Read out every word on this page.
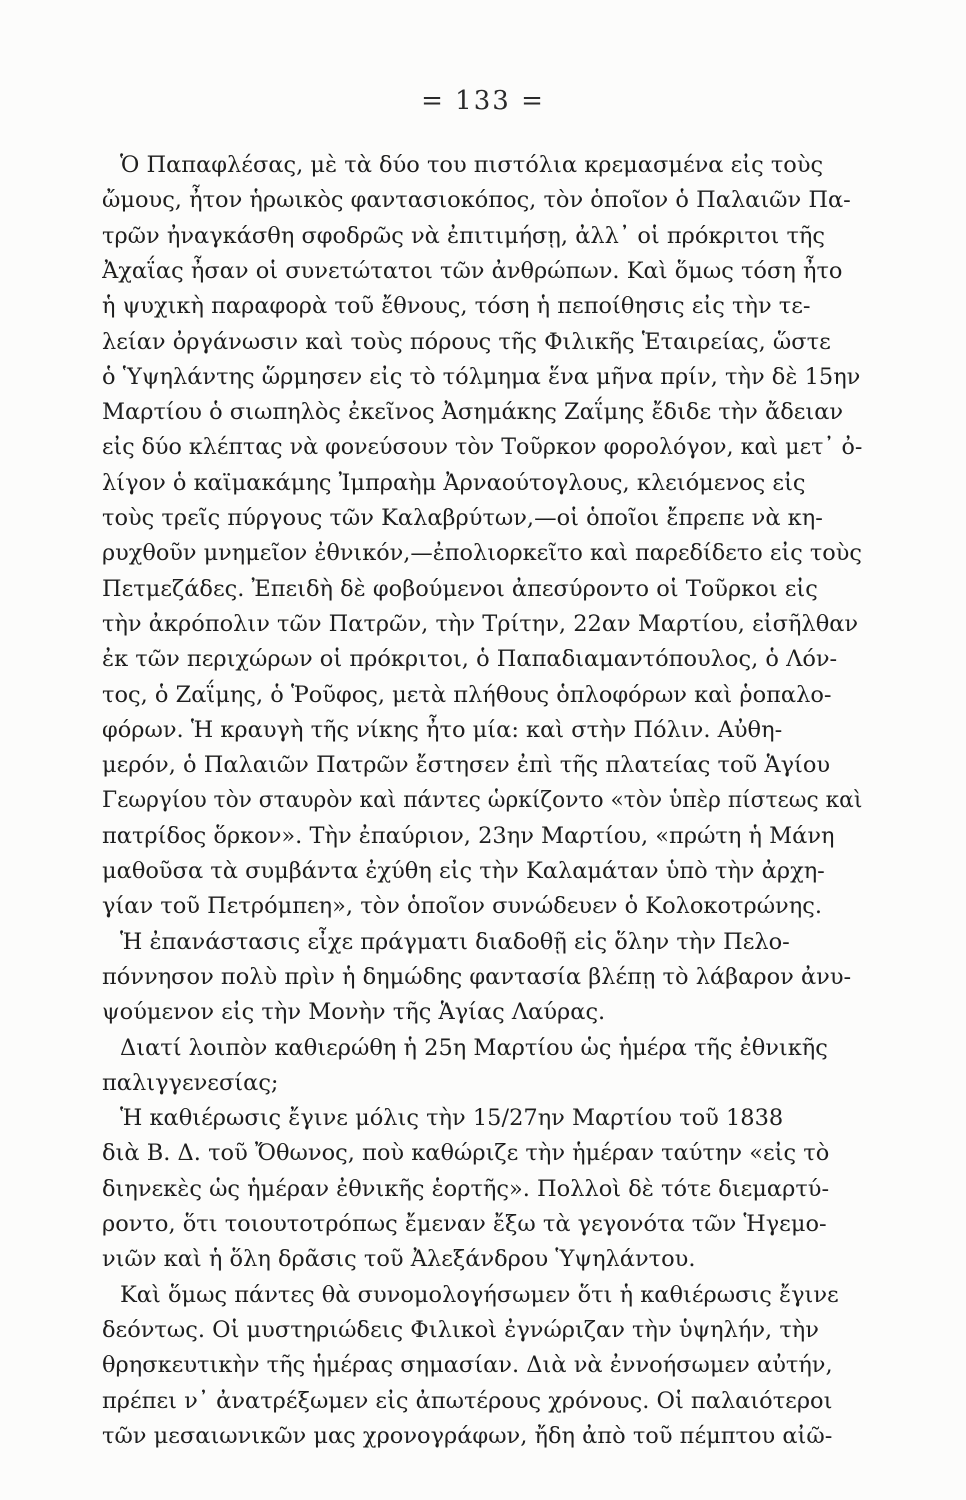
= 133 =
Ὁ Παπαφλέσας, μὲ τὰ δύο του πιστόλια κρεμασμένα εἰς τοὺς
ὤμους, ἦτον ἡρωικὸς φαντασιοκόπος, τὸν ὁποῖον ὁ Παλαιῶν Πα-
τρῶν ἠναγκάσθη σφοδρῶς νὰ ἐπιτιμήσῃ, ἀλλ᾽ οἱ πρόκριτοι τῆς
Ἀχαΐας ἦσαν οἱ συνετώτατοι τῶν ἀνθρώπων. Καὶ ὅμως τόση ἦτο
ἡ ψυχικὴ παραφορὰ τοῦ ἔθνους, τόση ἡ πεποίθησις εἰς τὴν τε-
λείαν ὀργάνωσιν καὶ τοὺς πόρους τῆς Φιλικῆς Ἑταιρείας, ὥστε
ὁ Ὑψηλάντης ὥρμησεν εἰς τὸ τόλμημα ἕνα μῆνα πρίν, τὴν δὲ 15ην
Μαρτίου ὁ σιωπηλὸς ἐκεῖνος Ἀσημάκης Ζαΐμης ἔδιδε τὴν ἄδειαν
εἰς δύο κλέπτας νὰ φονεύσουν τὸν Τοῦρκον φορολόγον, καὶ μετ᾽ ὀ-
λίγον ὁ καϊμακάμης Ἰμπραὴμ Ἀρναούτογλους, κλειόμενος εἰς
τοὺς τρεῖς πύργους τῶν Καλαβρύτων,—οἱ ὁποῖοι ἔπρεπε νὰ κη-
ρυχθοῦν μνημεῖον ἐθνικόν,—ἐπολιορκεῖτο καὶ παρεδίδετο εἰς τοὺς
Πετμεζάδες. Ἐπειδὴ δὲ φοβούμενοι ἀπεσύροντο οἱ Τοῦρκοι εἰς
τὴν ἀκρόπολιν τῶν Πατρῶν, τὴν Τρίτην, 22αν Μαρτίου, εἰσῆλθαν
ἐκ τῶν περιχώρων οἱ πρόκριτοι, ὁ Παπαδιαμαντόπουλος, ὁ Λόν-
τος, ὁ Ζαΐμης, ὁ Ῥοῦφος, μετὰ πλήθους ὁπλοφόρων καὶ ῥοπαλο-
φόρων. Ἡ κραυγὴ τῆς νίκης ἦτο μία: καὶ στὴν Πόλιν. Αὐθη-
μερόν, ὁ Παλαιῶν Πατρῶν ἔστησεν ἐπὶ τῆς πλατείας τοῦ Ἁγίου
Γεωργίου τὸν σταυρὸν καὶ πάντες ὡρκίζοντο «τὸν ὑπὲρ πίστεως καὶ
πατρίδος ὅρκον». Τὴν ἐπαύριον, 23ην Μαρτίου, «πρώτη ἡ Μάνη
μαθοῦσα τὰ συμβάντα ἐχύθη εἰς τὴν Καλαμάταν ὑπὸ τὴν ἀρχη-
γίαν τοῦ Πετρόμπεη», τὸν ὁποῖον συνώδευεν ὁ Κολοκοτρώνης.
Ἡ ἐπανάστασις εἶχε πράγματι διαδοθῇ εἰς ὅλην τὴν Πελο-
πόννησον πολὺ πρὶν ἡ δημώδης φαντασία βλέπῃ τὸ λάβαρον ἀνυ-
ψούμενον εἰς τὴν Μονὴν τῆς Ἁγίας Λαύρας.
Διατί λοιπὸν καθιερώθη ἡ 25η Μαρτίου ὡς ἡμέρα τῆς ἐθνικῆς
παλιγγενεσίας;
Ἡ καθιέρωσις ἔγινε μόλις τὴν 15/27ην Μαρτίου τοῦ 1838
διὰ Β. Δ. τοῦ Ὄθωνος, ποὺ καθώριζε τὴν ἡμέραν ταύτην «εἰς τὸ
διηνεκὲς ὡς ἡμέραν ἐθνικῆς ἑορτῆς». Πολλοὶ δὲ τότε διεμαρτύ-
ροντο, ὅτι τοιουτοτρόπως ἔμεναν ἔξω τὰ γεγονότα τῶν Ἡγεμο-
νιῶν καὶ ἡ ὅλη δρᾶσις τοῦ Ἀλεξάνδρου Ὑψηλάντου.
Καὶ ὅμως πάντες θὰ συνομολογήσωμεν ὅτι ἡ καθιέρωσις ἔγινε
δεόντως. Οἱ μυστηριώδεις Φιλικοὶ ἐγνώριζαν τὴν ὑψηλήν, τὴν
θρησκευτικὴν τῆς ἡμέρας σημασίαν. Διὰ νὰ ἐννοήσωμεν αὐτήν,
πρέπει ν᾽ ἀνατρέξωμεν εἰς ἀπωτέρους χρόνους. Οἱ παλαιότεροι
τῶν μεσαιωνικῶν μας χρονογράφων, ἤδη ἀπὸ τοῦ πέμπτου αἰῶ-
